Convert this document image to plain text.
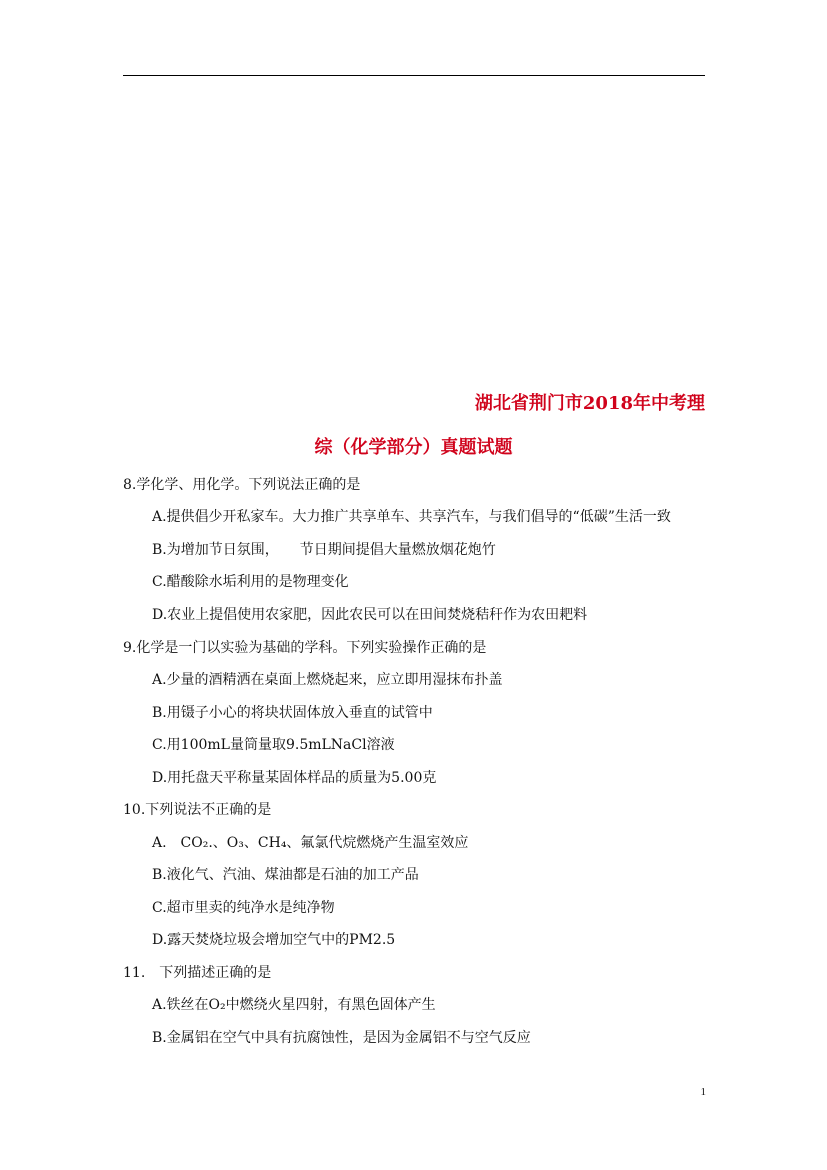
湖北省荆门市2018年中考理
综（化学部分）真题试题
8.学化学、用化学。下列说法正确的是
A.提供倡少开私家车。大力推广共享单车、共享汽车，与我们倡导的“低碳”生活一致
B.为增加节日氛围，　　节日期间提倡大量燃放烟花炮竹
C.醋酸除水垢利用的是物理变化
D.农业上提倡使用农家肥，因此农民可以在田间焚烧秸秆作为农田耙料
9.化学是一门以实验为基础的学科。下列实验操作正确的是
A.少量的酒精洒在桌面上燃烧起来，应立即用湿抹布扑盖
B.用镊子小心的将块状固体放入垂直的试管中
C.用100mL量筒量取9.5mLNaCl溶液
D.用托盘天平称量某固体样品的质量为5.00克
10.下列说法不正确的是
A.　CO₂.、O₃、CH₄、氟氯代烷燃烧产生温室效应
B.液化气、汽油、煤油都是石油的加工产品
C.超市里卖的纯净水是纯净物
D.露天焚烧垃圾会增加空气中的PM2.5
11.　下列描述正确的是
A.铁丝在O₂中燃绕火星四射，有黑色固体产生
B.金属铝在空气中具有抗腐蚀性，是因为金属铝不与空气反应
1
